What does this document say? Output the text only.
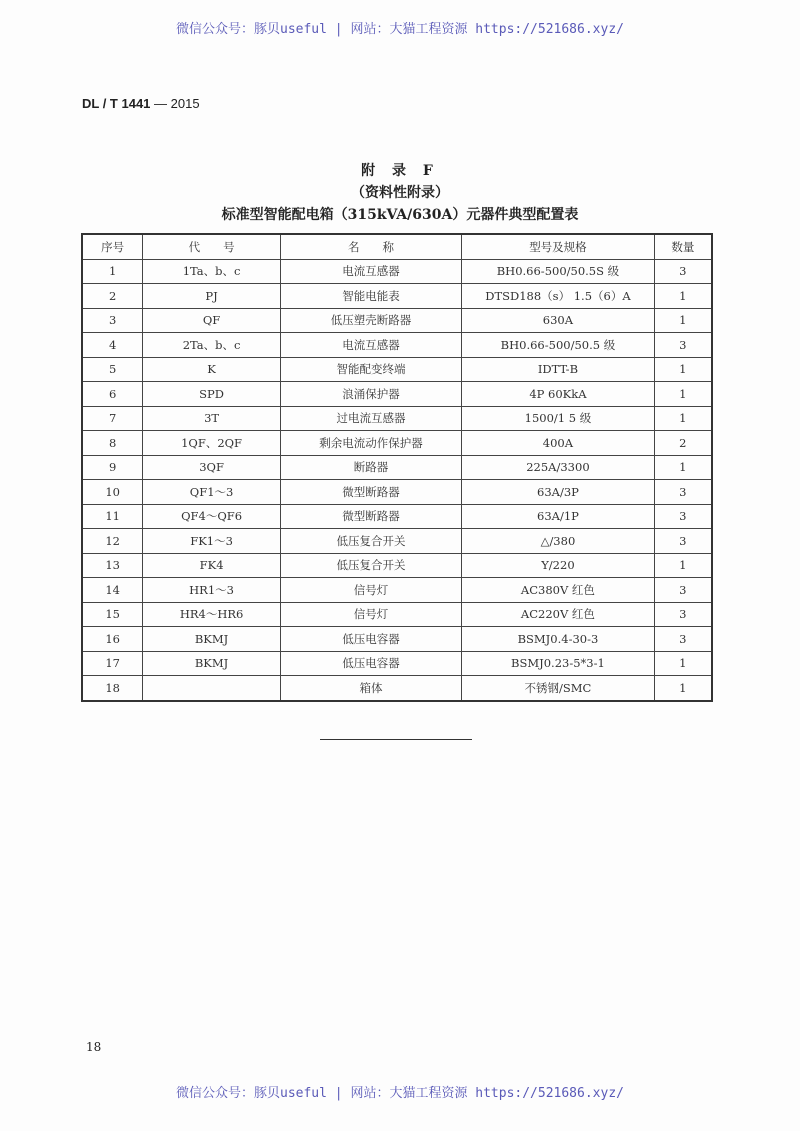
微信公众号：豚贝useful | 网站：大猫工程资源 https://521686.xyz/
DL / T 1441 — 2015
附 录 F
（资料性附录）
标准型智能配电箱（315kVA/630A）元器件典型配置表
序号	代　　号	名　　称	型号及规格	数量
1	1Ta、b、c	电流互感器	BH0.66-500/50.5S 级	3
2	PJ	智能电能表	DTSD188（s） 1.5（6）A	1
3	QF	低压塑壳断路器	630A	1
4	2Ta、b、c	电流互感器	BH0.66-500/50.5 级	3
5	K	智能配变终端	IDTT-B	1
6	SPD	浪涌保护器	4P 60KkA	1
7	3T	过电流互感器	1500/1 5 级	1
8	1QF、2QF	剩余电流动作保护器	400A	2
9	3QF	断路器	225A/3300	1
10	QF1～3	微型断路器	63A/3P	3
11	QF4～QF6	微型断路器	63A/1P	3
12	FK1～3	低压复合开关	△/380	3
13	FK4	低压复合开关	Y/220	1
14	HR1～3	信号灯	AC380V 红色	3
15	HR4～HR6	信号灯	AC220V 红色	3
16	BKMJ	低压电容器	BSMJ0.4-30-3	3
17	BKMJ	低压电容器	BSMJ0.23-5*3-1	1
18		箱体	不锈钢/SMC	1
18
微信公众号：豚贝useful | 网站：大猫工程资源 https://521686.xyz/
